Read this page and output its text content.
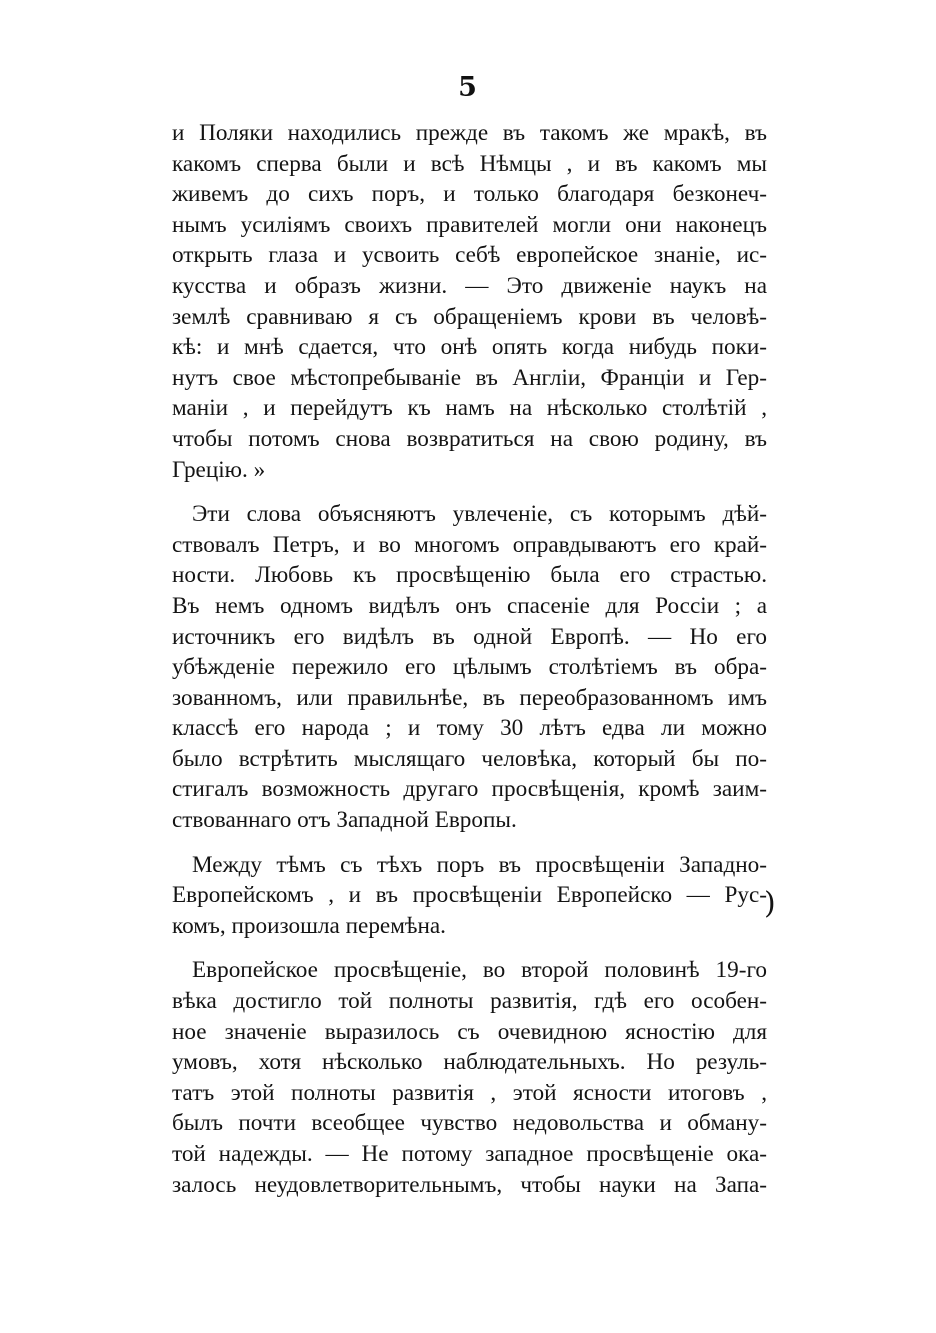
5

и Поляки находились прежде въ такомъ же мракѣ, въ
какомъ сперва были и всѣ Нѣмцы , и въ какомъ мы
живемъ до сихъ поръ, и только благодаря безконеч-
нымъ усиліямъ своихъ правителей могли они наконецъ
открыть глаза и усвоить себѣ европейское знаніе, ис-
кусства и образъ жизни. — Это движеніе наукъ на
землѣ сравниваю я съ обращеніемъ крови въ человѣ-
кѣ: и мнѣ сдается, что онѣ опять когда нибудь поки-
нутъ свое мѣстопребываніе въ Англіи, Франціи и Гер-
маніи , и перейдутъ къ намъ на нѣсколько столѣтій ,
чтобы потомъ снова возвратиться на свою родину, въ
Грецію. »

Эти слова объясняютъ увлеченіе, съ которымъ дѣй-
ствовалъ Петръ, и во многомъ оправдываютъ его край-
ности. Любовь къ просвѣщенію была его страстью.
Въ немъ одномъ видѣлъ онъ спасеніе для Россіи ; а
источникъ его видѣлъ въ одной Европѣ. — Но его
убѣжденіе пережило его цѣлымъ столѣтіемъ въ обра-
зованномъ, или правильнѣе, въ переобразованномъ имъ
классѣ его народа ; и тому 30 лѣтъ едва ли можно
было встрѣтить мыслящаго человѣка, который бы по-
стигалъ возможность другаго просвѣщенія, кромѣ заим-
ствованнаго отъ Западной Европы.

Между тѣмъ съ тѣхъ поръ въ просвѣщеніи Западно-
Европейскомъ , и въ просвѣщеніи Европейско — Рус-
комъ, произошла перемѣна.

Европейское просвѣщеніе, во второй половинѣ 19-го
вѣка достигло той полноты развитія, гдѣ его особен-
ное значеніе выразилось съ очевидною ясностію для
умовъ, хотя нѣсколько наблюдательныхъ. Но резуль-
татъ этой полноты развитія , этой ясности итоговъ ,
былъ почти всеобщее чувство недовольства и обману-
той надежды. — Не потому западное просвѣщеніе ока-
залось неудовлетворительнымъ, чтобы науки на Запа-

)
